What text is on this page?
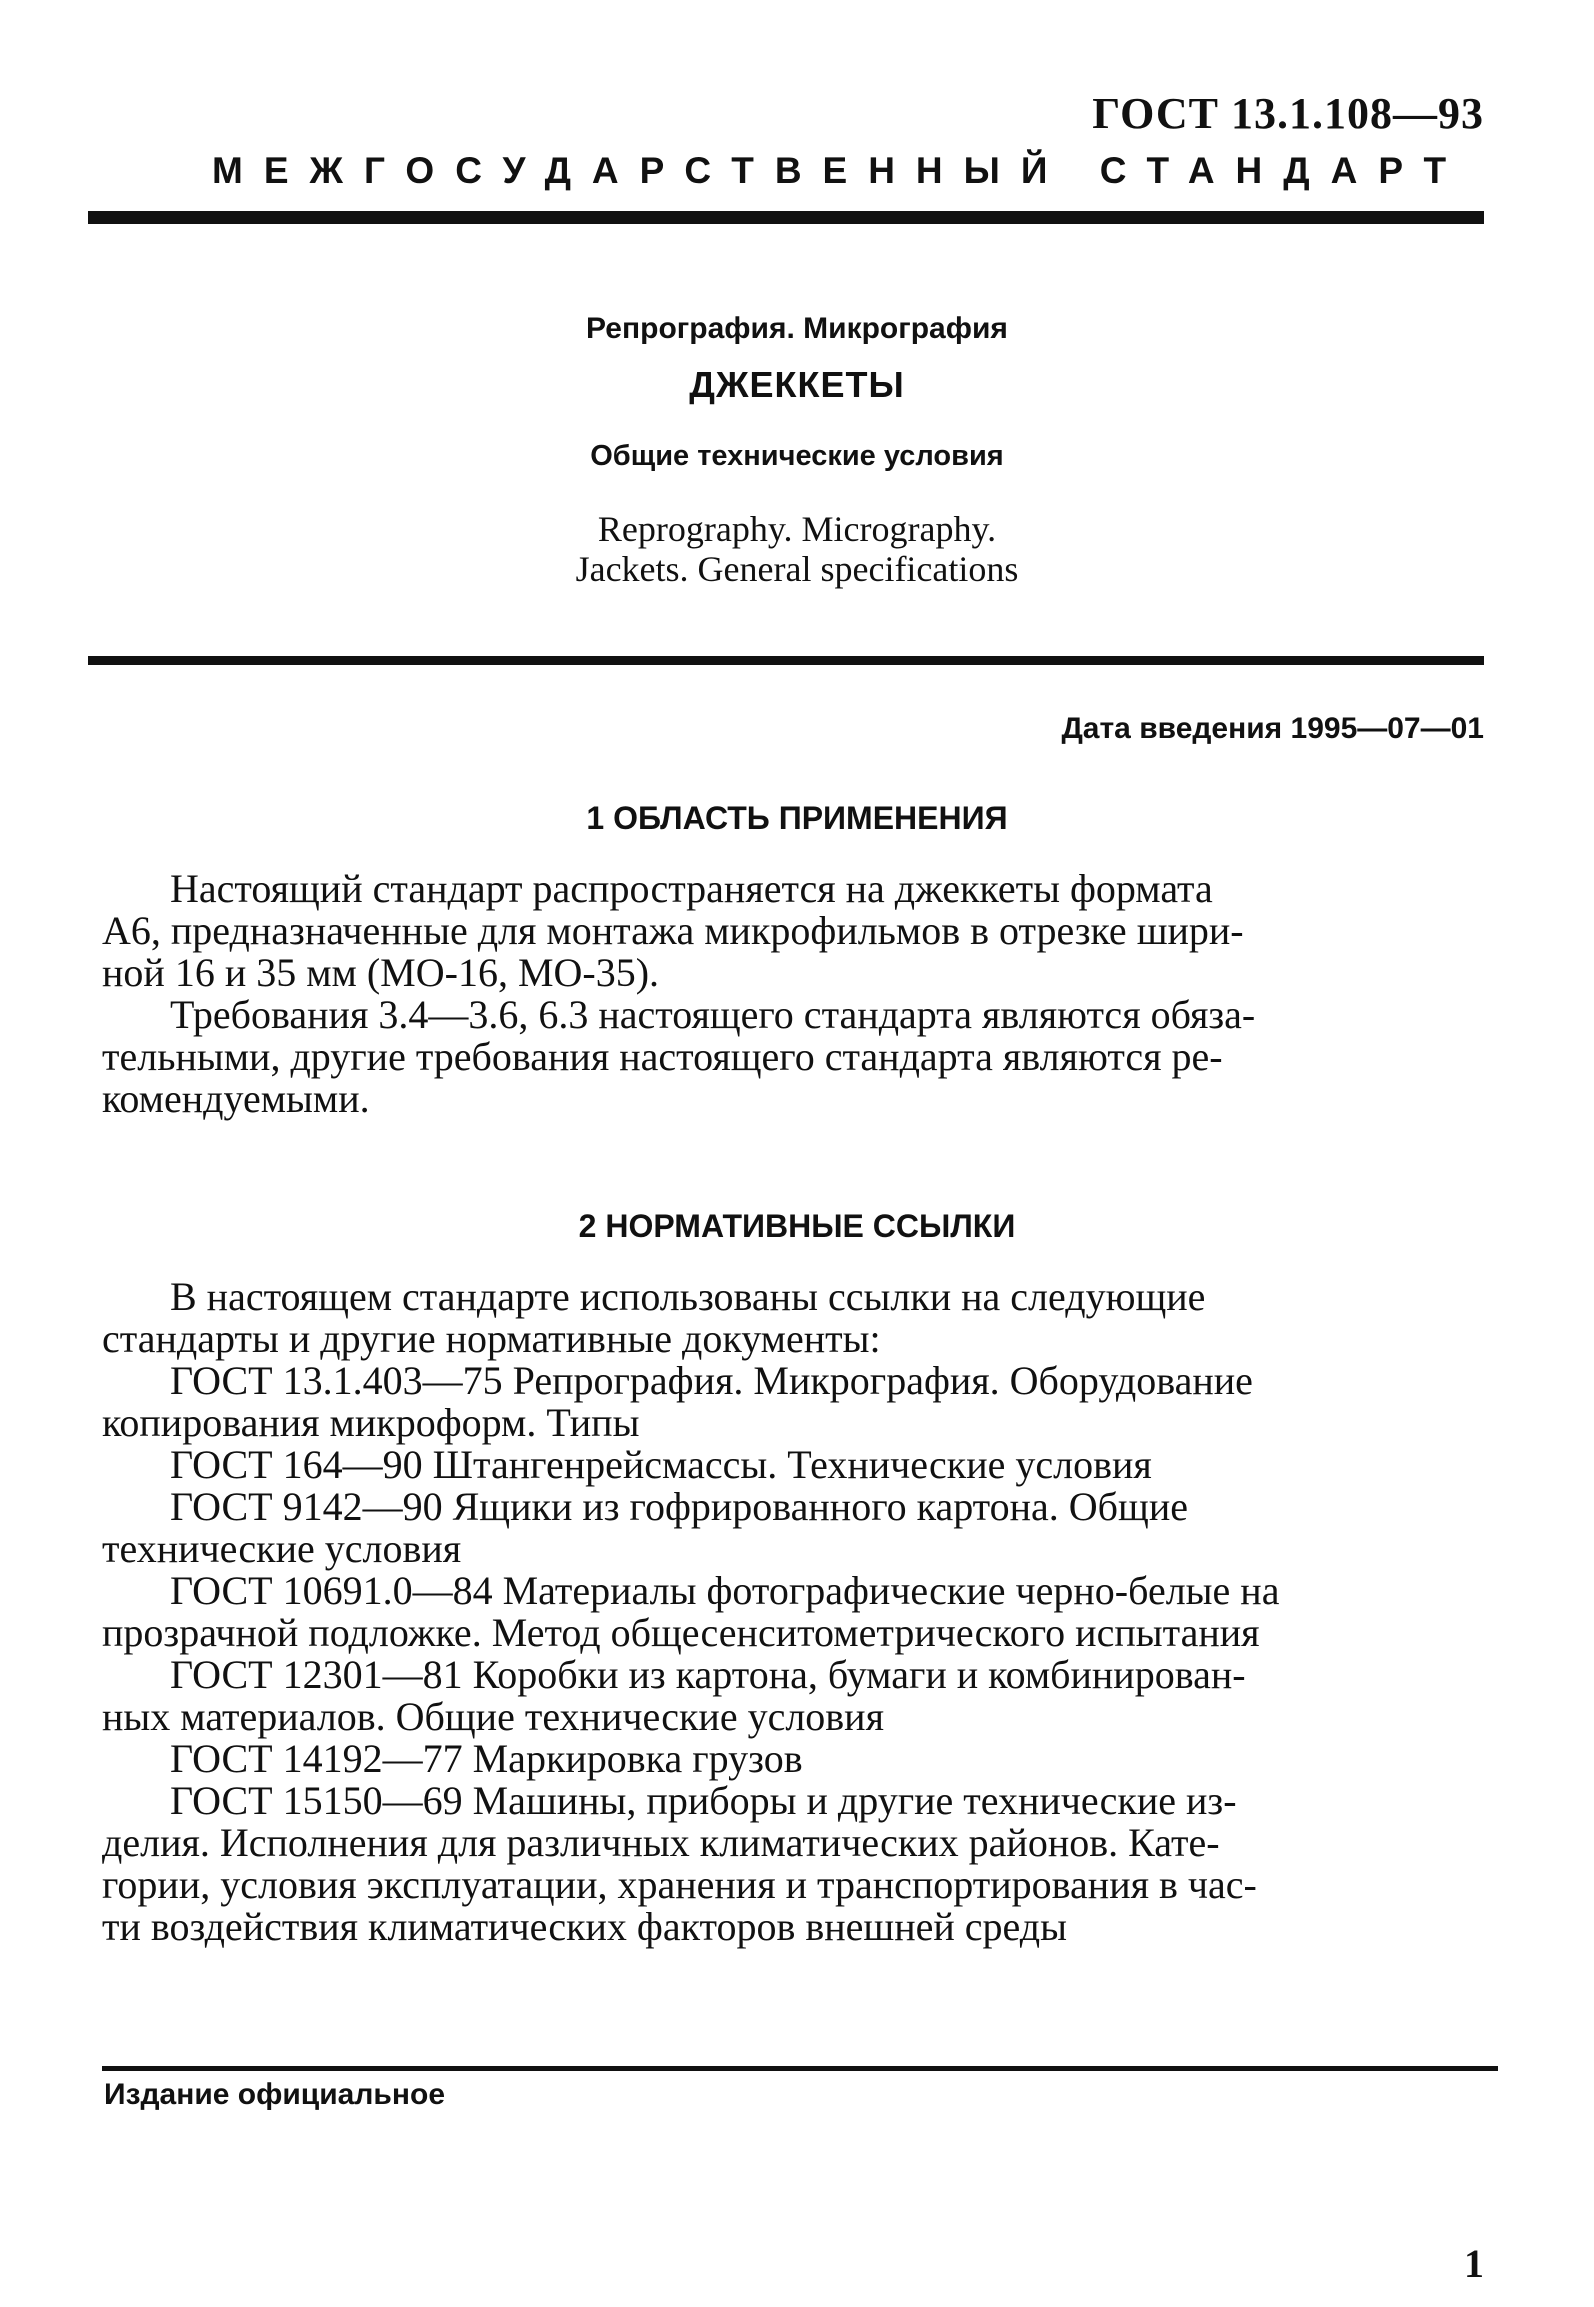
ГОСТ 13.1.108—93
МЕЖГОСУДАРСТВЕННЫЙ СТАНДАРТ
Репрография. Микрография
ДЖЕККЕТЫ
Общие технические условия
Reprography. Micrography.
Jackets. General specifications
Дата введения 1995—07—01
1 ОБЛАСТЬ ПРИМЕНЕНИЯ
Настоящий стандарт распространяется на джеккеты формата
А6, предназначенные для монтажа микрофильмов в отрезке шири-
ной 16 и 35 мм (МО-16, МО-35).
Требования 3.4—3.6, 6.3 настоящего стандарта являются обяза-
тельными, другие требования настоящего стандарта являются ре-
комендуемыми.
2 НОРМАТИВНЫЕ ССЫЛКИ
В настоящем стандарте использованы ссылки на следующие
стандарты и другие нормативные документы:
ГОСТ 13.1.403—75 Репрография. Микрография. Оборудование
копирования микроформ. Типы
ГОСТ 164—90 Штангенрейсмассы. Технические условия
ГОСТ 9142—90 Ящики из гофрированного картона. Общие
технические условия
ГОСТ 10691.0—84 Материалы фотографические черно-белые на
прозрачной подложке. Метод общесенситометрического испытания
ГОСТ 12301—81 Коробки из картона, бумаги и комбинирован-
ных материалов. Общие технические условия
ГОСТ 14192—77 Маркировка грузов
ГОСТ 15150—69 Машины, приборы и другие технические из-
делия. Исполнения для различных климатических районов. Кате-
гории, условия эксплуатации, хранения и транспортирования в час-
ти воздействия климатических факторов внешней среды
Издание официальное
1
